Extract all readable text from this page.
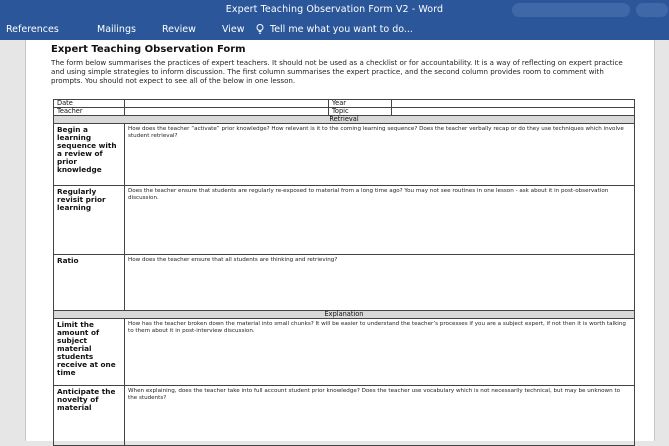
Expert Teaching Observation Form V2 - Word
References	Mailings	Review	View	Tell me what you want to do...
Expert Teaching Observation Form
The form below summarises the practices of expert teachers. It should not be used as a checklist or for accountability. It is a way of reflecting on expert practice and using simple strategies to inform discussion. The first column summarises the expert practice, and the second column provides room to comment with prompts. You should not expect to see all of the below in one lesson.
Date		Year	
Teacher		Topic	
Retrieval			
Begin a learning sequence with a review of prior knowledge	How does the teacher “activate” prior knowledge? How relevant is it to the coming learning sequence? Does the teacher verbally recap or do they use techniques which involve student retrieval?		
Regularly revisit prior learning	Does the teacher ensure that students are regularly re-exposed to material from a long time ago? You may not see routines in one lesson - ask about it in post-observation discussion.		
Ratio	How does the teacher ensure that all students are thinking and retrieving?		
Explanation			
Limit the amount of subject material students receive at one time	How has the teacher broken down the material into small chunks? It will be easier to understand the teacher’s processes if you are a subject expert, if not then it is worth talking to them about it in post-interview discussion.		
Anticipate the novelty of material	When explaining, does the teacher take into full account student prior knowledge? Does the teacher use vocabulary which is not necessarily technical, but may be unknown to the students?		
